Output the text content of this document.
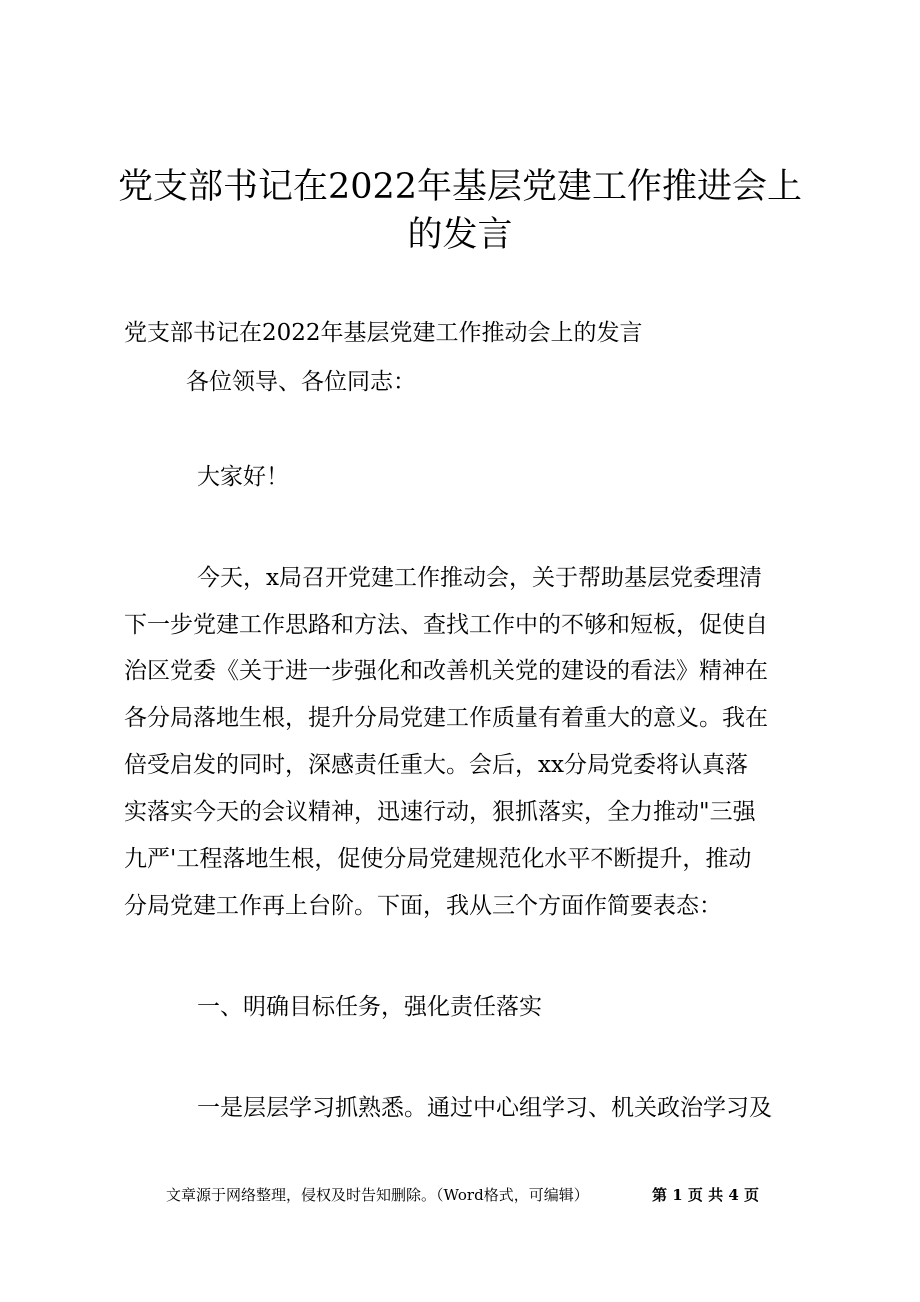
党支部书记在2022年基层党建工作推进会上
的发言
党支部书记在2022年基层党建工作推动会上的发言
各位领导、各位同志：
大家好！
今天，x局召开党建工作推动会，关于帮助基层党委理清
下一步党建工作思路和方法、查找工作中的不够和短板，促使自
治区党委《关于进一步强化和改善机关党的建设的看法》精神在
各分局落地生根，提升分局党建工作质量有着重大的意义。我在
倍受启发的同时，深感责任重大。会后，xx分局党委将认真落
实落实今天的会议精神，迅速行动，狠抓落实，全力推动"三强
九严'工程落地生根，促使分局党建规范化水平不断提升，推动
分局党建工作再上台阶。下面，我从三个方面作简要表态：
一、明确目标任务，强化责任落实
一是层层学习抓熟悉。通过中心组学习、机关政治学习及
文章源于网络整理，侵权及时告知删除。（Word格式，可编辑）	第 1 页 共 4 页
